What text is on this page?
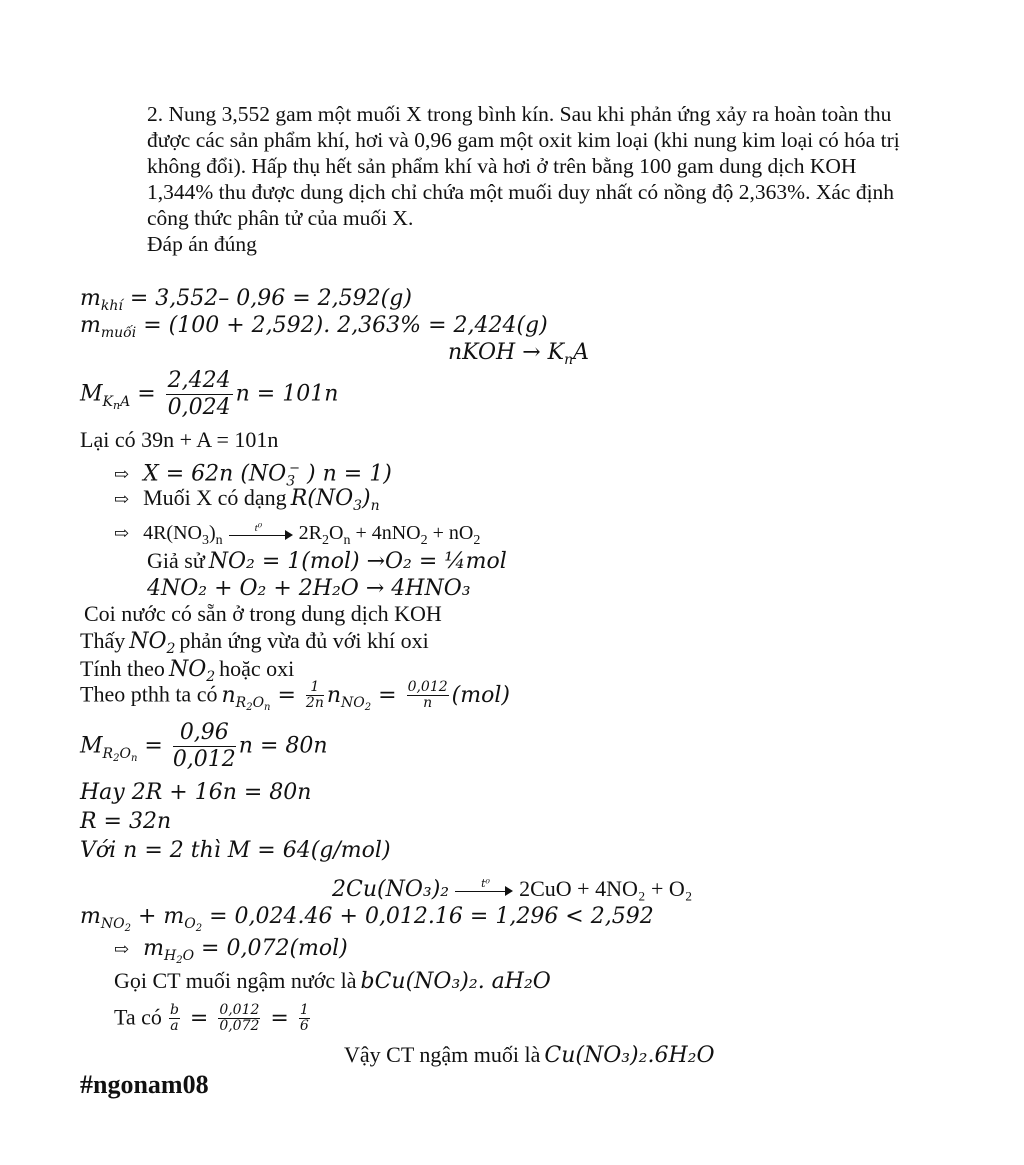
2. Nung 3,552 gam một muối X trong bình kín. Sau khi phản ứng xảy ra hoàn toàn thu

được các sản phẩm khí, hơi và 0,96 gam một oxit kim loại (khi nung kim loại có hóa trị

không đổi). Hấp thụ hết sản phẩm khí và hơi ở trên bằng 100 gam dung dịch KOH

1,344% thu được dung dịch chỉ chứa một muối duy nhất có nồng độ 2,363%. Xác định

công thức phân tử của muối X.

Đáp án đúng

$m_{khí} = 3,552-$ 0,96 = 2,592(g)
$m_{muối} = (100 + 2,592)$. 2,363% = 2,424(g)
nKOH → $K_nA$
$M_{K_nA} = \frac{2,424}{0,024}$ n = 101n
Lại có 39n + A = 101n
⇨ X = 62n ($NO_3^-$ ) n = 1)
⇨ Muối X có dạng $R(NO_3)_n$
⇨ $4R(NO_3)_n$
t⁰ $2R_2O_n + 4nNO_2 + nO_2$
Giả sử NO₂ = 1(mol) →O₂ = ¼mol
4NO₂ + O₂ + 2H₂O → 4HNO₃
Coi nước có sẵn ở trong dung dịch KOH
Thấy $NO_2$ phản ứng vừa đủ với khí oxi
Tính theo $NO_2$ hoặc oxi
Theo pthh ta có $n_{R_2O_n} = \frac{1}{2n} n_{NO_2} = \frac{0,012}{n} (mol)$
$M_{R_2O_n} = \frac{0,96}{0,012}$ n = 80n
Hay 2R + 16n = 80n
R = 32n
Với n = 2 thì M = 64(g/mol)
2Cu(NO₃)₂	t⁰ 2CuO + 4NO₂ + O₂
$m_{NO_2} + m_{O_2} = 0,024.46 + 0,012.16 = 1,296 < 2,592$
⇨ $m_{H_2O} = 0,072(mol)$
Gọi CT muối ngậm nước là bCu(NO₃)₂. aH₂O
Ta có $\frac{b}{a} = \frac{0,012}{0,072} = \frac{1}{6}$
Vậy CT ngậm muối là Cu(NO₃)₂.6H₂O
#ngonam08
